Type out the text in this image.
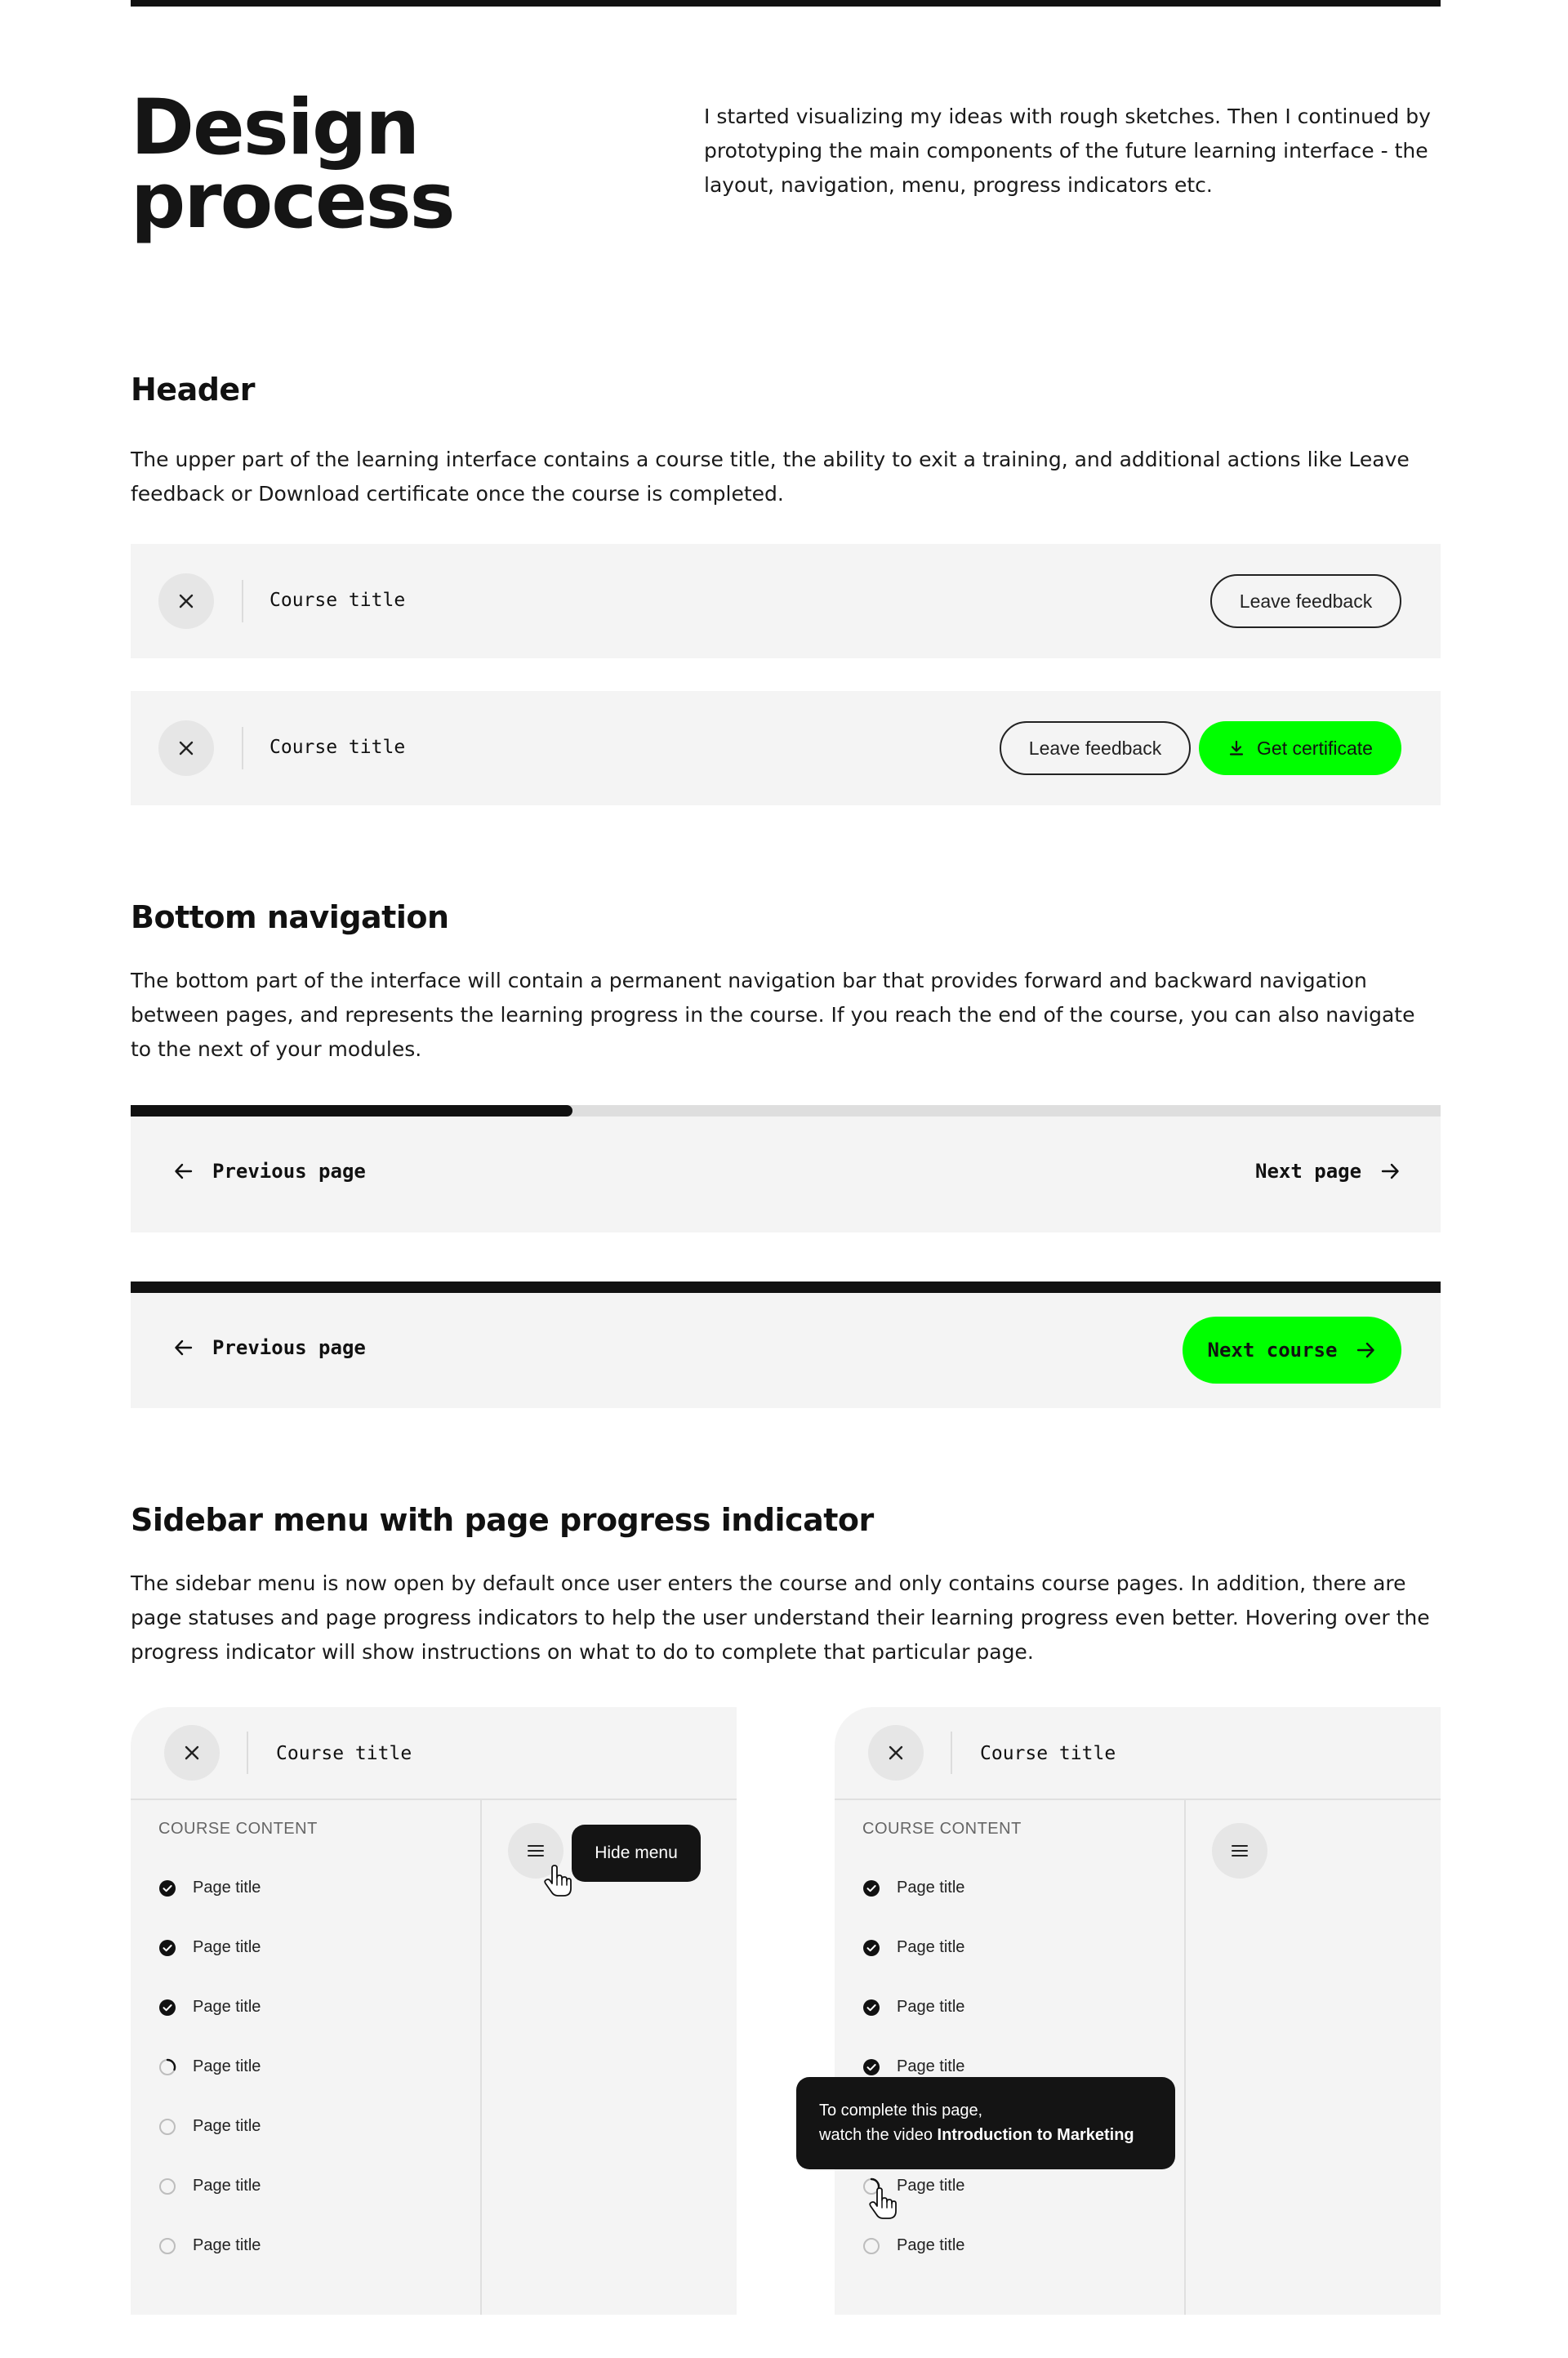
Design
process

I started visualizing my ideas with rough sketches. Then I continued by prototyping the main components of the future learning interface - the layout, navigation, menu, progress indicators etc.

Header

The upper part of the learning interface contains a course title, the ability to exit a training, and additional actions like Leave feedback or Download certificate once the course is completed.

Course title	Leave feedback
Course title	Leave feedback	Get certificate
Bottom navigation

The bottom part of the interface will contain a permanent navigation bar that provides forward and backward navigation between pages, and represents the learning progress in the course. If you reach the end of the course, you can also navigate to the next of your modules.

Previous page	Next page
Previous page	Next course
Sidebar menu with page progress indicator

The sidebar menu is now open by default once user enters the course and only contains course pages. In addition, there are page statuses and page progress indicators to help the user understand their learning progress even better. Hovering over the progress indicator will show instructions on what to do to complete that particular page.

Course title
COURSE CONTENT
Page title
Page title
Page title
Page title
Page title
Page title
Page title
Course title
COURSE CONTENT
Page title
Page title
Page title
Page title
Page title
Page title
Hide menu
To complete this page,
watch the video Introduction to Marketing
